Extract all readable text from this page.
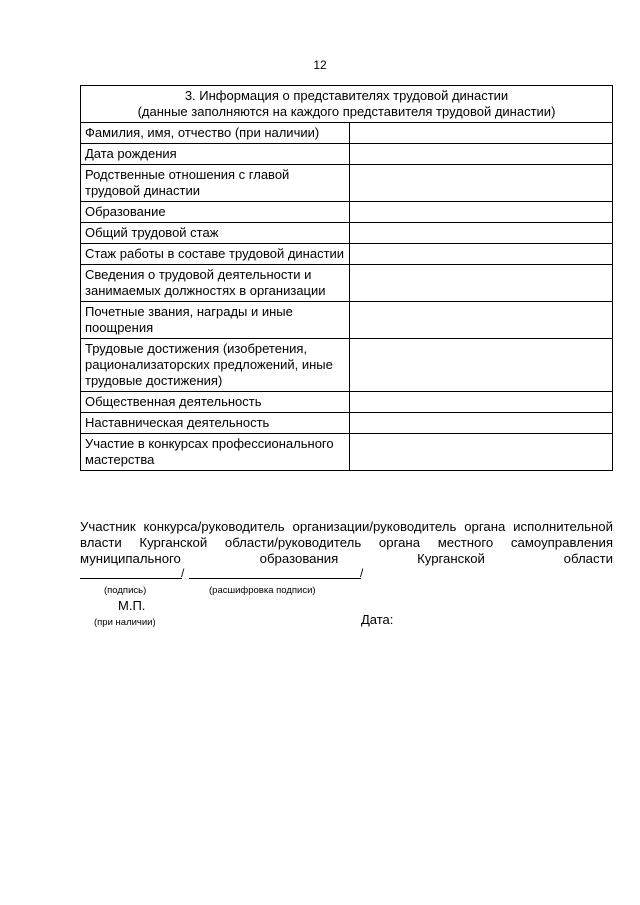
12
3. Информация о представителях трудовой династии
(данные заполняются на каждого представителя трудовой династии)	

Фамилия, имя, отчество (при наличии)	
Дата рождения	
Родственные отношения с главой трудовой династии	
Образование	
Общий трудовой стаж	
Стаж работы в составе трудовой династии	
Сведения о трудовой деятельности и занимаемых должностях в организации	
Почетные звания, награды и иные поощрения	
Трудовые достижения (изобретения, рационализаторских предложений, иные трудовые достижения)	
Общественная деятельность	
Наставническая деятельность	
Участие в конкурсах профессионального мастерства	
Участник конкурса/руководитель организации/руководитель органа исполнительной власти Курганской области/руководитель органа местного самоуправления муниципального образования Курганской области
/	/
(подпись)	(расшифровка подписи)
М.П.
(при наличии)	Дата:
